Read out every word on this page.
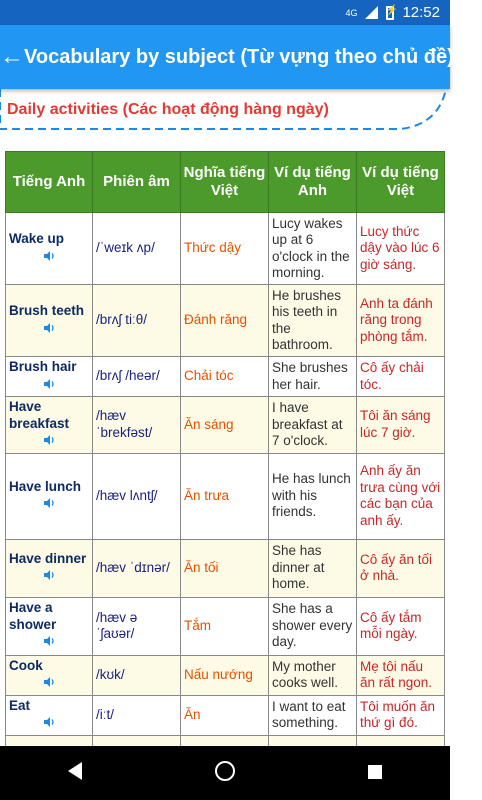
4G ⚡	12:52
← Vocabulary by subject (Từ vựng theo chủ đề)
Daily activities (Các hoạt động hàng ngày)
Tiếng Anh	Phiên âm	Nghĩa tiếng Việt	Ví dụ tiếng Anh	Ví dụ tiếng Việt

Wake up	/ˈweɪk ʌp/	Thức dậy	Lucy wakes up at 6 o'clock in the morning.	Lucy thức dậy vào lúc 6 giờ sáng.

Brush teeth	/brʌʃ tiːθ/	Đánh răng	He brushes his teeth in the bathroom.	Anh ta đánh răng trong phòng tắm.

Brush hair	/brʌʃ /heər/	Chải tóc	She brushes her hair.	Cô ấy chải tóc.

Have breakfast	/hæv ˈbrekfəst/	Ăn sáng	I have breakfast at 7 o'clock.	Tôi ăn sáng lúc 7 giờ.

Have lunch	/hæv lʌntʃ/	Ăn trưa	He has lunch with his friends.	Anh ấy ăn trưa cùng với các bạn của anh ấy.

Have dinner	/hæv ˈdɪnər/	Ăn tối	She has dinner at home.	Cô ấy ăn tối ở nhà.

Have a shower	/hæv ə ˈʃaʊər/	Tắm	She has a shower every day.	Cô ấy tắm mỗi ngày.

Cook	/kʊk/	Nấu nướng	My mother cooks well.	Mẹ tôi nấu ăn rất ngon.

Eat	/iːt/	Ăn	I want to eat something.	Tôi muốn ăn thứ gì đó.
